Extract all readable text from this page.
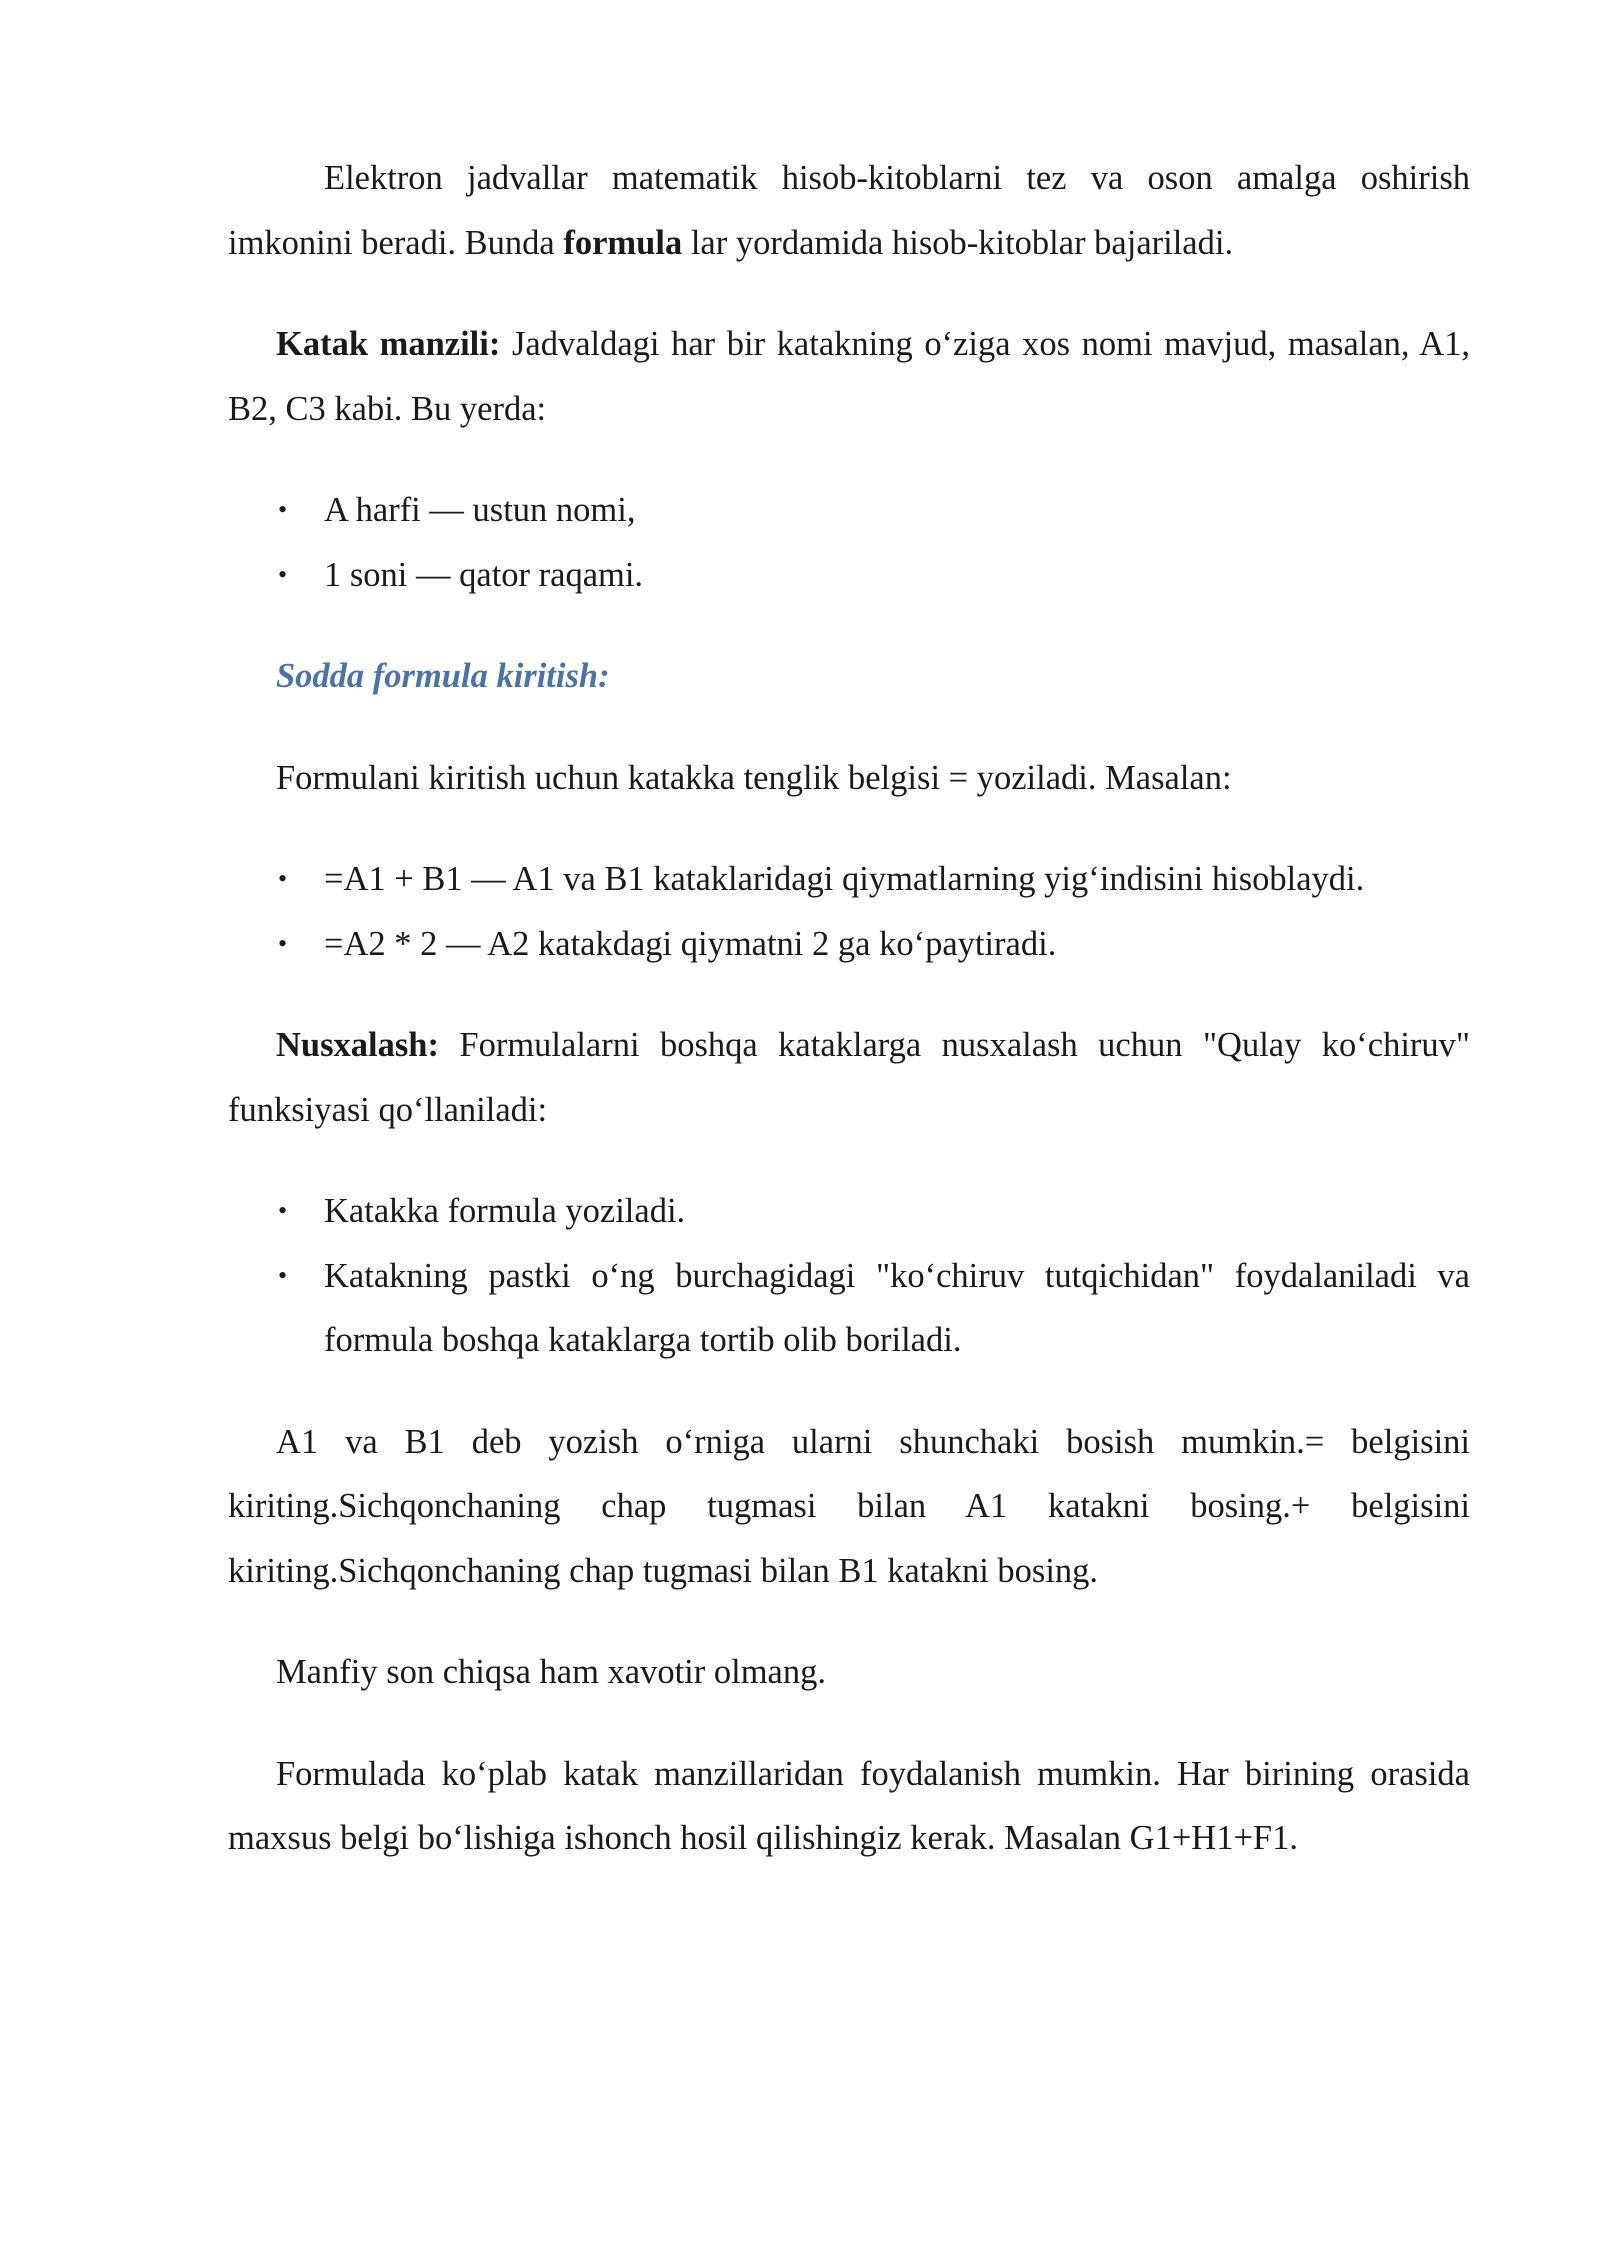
Elektron jadvallar matematik hisob-kitoblarni tez va oson amalga oshirish imkonini beradi. Bunda formula lar yordamida hisob-kitoblar bajariladi.

Katak manzili: Jadvaldagi har bir katakning o‘ziga xos nomi mavjud, masalan, A1, B2, C3 kabi. Bu yerda:

• A harfi — ustun nomi,
• 1 soni — qator raqami.

Sodda formula kiritish:

Formulani kiritish uchun katakka tenglik belgisi = yoziladi. Masalan:

• =A1 + B1 — A1 va B1 kataklaridagi qiymatlarning yig‘indisini hisoblaydi.
• =A2 * 2 — A2 katakdagi qiymatni 2 ga ko‘paytiradi.

Nusxalash: Formulalarni boshqa kataklarga nusxalash uchun "Qulay ko‘chiruv" funksiyasi qo‘llaniladi:

• Katakka formula yoziladi.
• Katakning pastki o‘ng burchagidagi "ko‘chiruv tutqichidan" foydalaniladi va formula boshqa kataklarga tortib olib boriladi.

A1 va B1 deb yozish o‘rniga ularni shunchaki bosish mumkin.= belgisini kiriting.Sichqonchaning chap tugmasi bilan A1 katakni bosing.+ belgisini kiriting.Sichqonchaning chap tugmasi bilan B1 katakni bosing.

Manfiy son chiqsa ham xavotir olmang.

Formulada ko‘plab katak manzillaridan foydalanish mumkin. Har birining orasida maxsus belgi bo‘lishiga ishonch hosil qilishingiz kerak. Masalan G1+H1+F1.
